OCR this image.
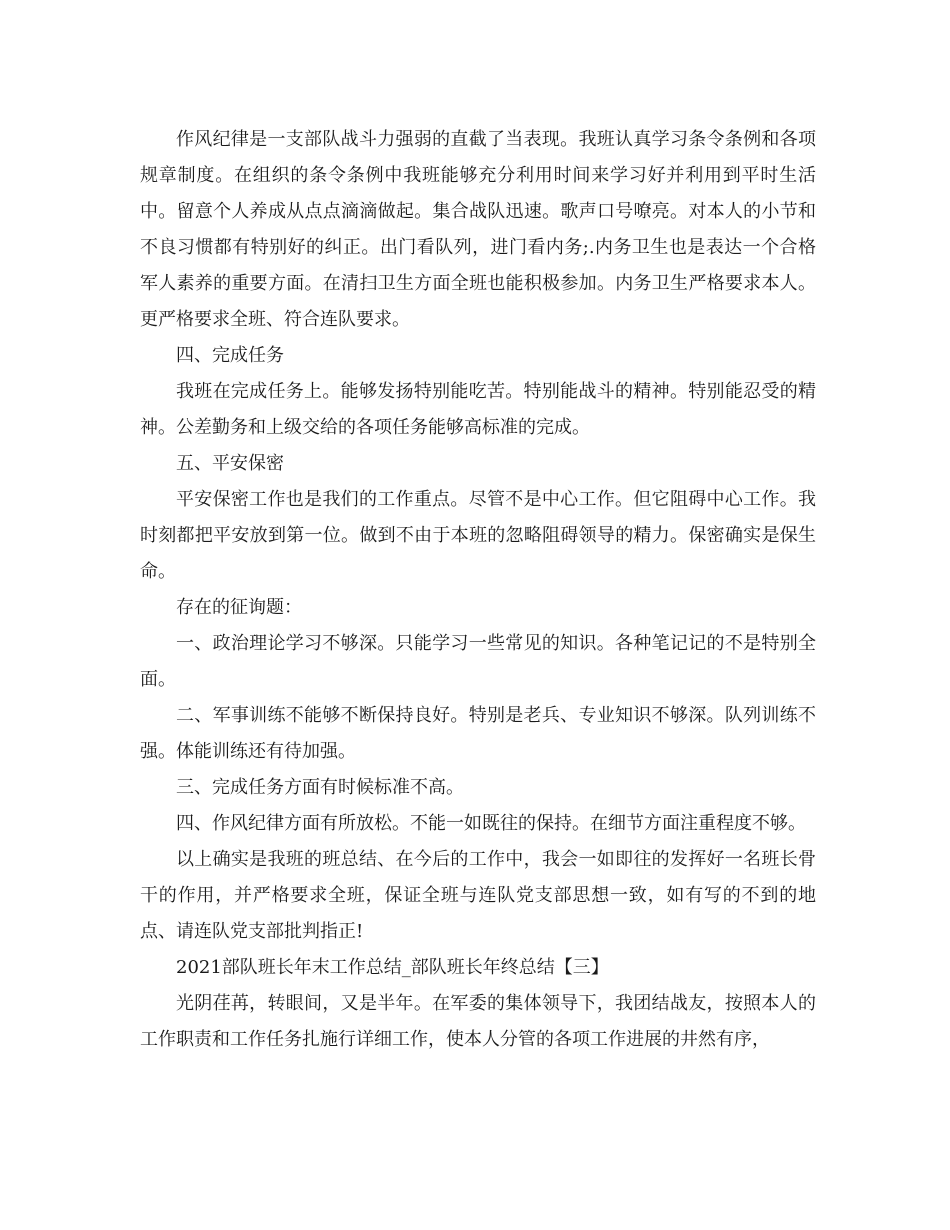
作风纪律是一支部队战斗力强弱的直截了当表现。我班认真学习条令条例和各项规章制度。在组织的条令条例中我班能够充分利用时间来学习好并利用到平时生活中。留意个人养成从点点滴滴做起。集合战队迅速。歌声口号嘹亮。对本人的小节和不良习惯都有特别好的纠正。出门看队列，进门看内务;.内务卫生也是表达一个合格军人素养的重要方面。在清扫卫生方面全班也能积极参加。内务卫生严格要求本人。更严格要求全班、符合连队要求。

四、完成任务

我班在完成任务上。能够发扬特别能吃苦。特别能战斗的精神。特别能忍受的精神。公差勤务和上级交给的各项任务能够高标准的完成。

五、平安保密

平安保密工作也是我们的工作重点。尽管不是中心工作。但它阻碍中心工作。我时刻都把平安放到第一位。做到不由于本班的忽略阻碍领导的精力。保密确实是保生命。

存在的征询题：

一、政治理论学习不够深。只能学习一些常见的知识。各种笔记记的不是特别全面。

二、军事训练不能够不断保持良好。特别是老兵、专业知识不够深。队列训练不强。体能训练还有待加强。

三、完成任务方面有时候标准不高。

四、作风纪律方面有所放松。不能一如既往的保持。在细节方面注重程度不够。

以上确实是我班的班总结、在今后的工作中，我会一如即往的发挥好一名班长骨干的作用，并严格要求全班，保证全班与连队党支部思想一致，如有写的不到的地点、请连队党支部批判指正!

2021部队班长年末工作总结_部队班长年终总结【三】

光阴荏苒，转眼间，又是半年。在军委的集体领导下，我团结战友，按照本人的工作职责和工作任务扎施行详细工作，使本人分管的各项工作进展的井然有序，
